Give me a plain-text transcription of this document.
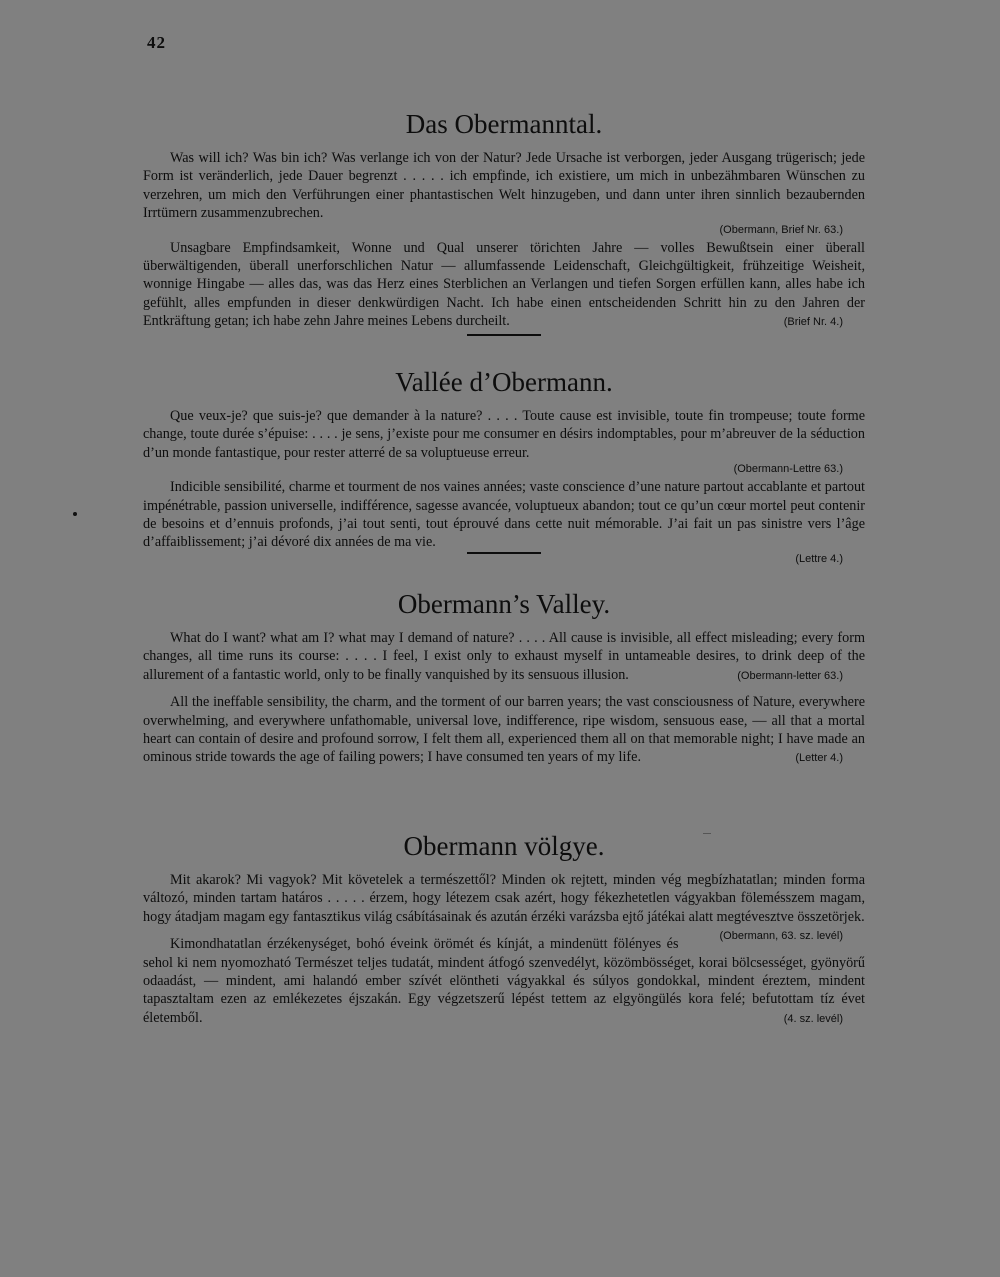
42
Das Obermanntal.

Was will ich? Was bin ich? Was verlange ich von der Natur? Jede Ursache ist verborgen, jeder Ausgang trügerisch; jede Form ist veränderlich, jede Dauer begrenzt . . . . . ich empfinde, ich existiere, um mich in unbezähmbaren Wünschen zu verzehren, um mich den Verführungen einer phantastischen Welt hinzugeben, und dann unter ihren sinnlich bezaubernden Irrtümern zusammenzubrechen.

(Obermann, Brief Nr. 63.)

Unsagbare Empfindsamkeit, Wonne und Qual unserer törichten Jahre — volles Bewußtsein einer überall überwältigenden, überall unerforschlichen Natur — allumfassende Leidenschaft, Gleichgültigkeit, frühzeitige Weisheit, wonnige Hingabe — alles das, was das Herz eines Sterblichen an Verlangen und tiefen Sorgen erfüllen kann, alles habe ich gefühlt, alles empfunden in dieser denkwürdigen Nacht. Ich habe einen entscheidenden Schritt hin zu den Jahren der Entkräftung getan; ich habe zehn Jahre meines Lebens durcheilt.	(Brief Nr. 4.)

Vallée d’Obermann.

Que veux-je? que suis-je? que demander à la nature? . . . . Toute cause est invisible, toute fin trompeuse; toute forme change, toute durée s’épuise: . . . . je sens, j’existe pour me consumer en désirs indomptables, pour m’abreuver de la séduction d’un monde fantastique, pour rester atterré de sa voluptueuse erreur.

(Obermann-Lettre 63.)

Indicible sensibilité, charme et tourment de nos vaines années; vaste conscience d’une nature partout accablante et partout impénétrable, passion universelle, indifférence, sagesse avancée, voluptueux abandon; tout ce qu’un cœur mortel peut contenir de besoins et d’ennuis profonds, j’ai tout senti, tout éprouvé dans cette nuit mémorable. J’ai fait un pas sinistre vers l’âge d’affaiblissement; j’ai dévoré dix années de ma vie.

(Lettre 4.)
Obermann’s Valley.

What do I want? what am I? what may I demand of nature? . . . . All cause is invisible, all effect misleading; every form changes, all time runs its course: . . . . I feel, I exist only to exhaust myself in untameable desires, to drink deep of the allurement of a fantastic world, only to be finally vanquished by its sensuous illusion.	(Obermann-letter 63.)

All the ineffable sensibility, the charm, and the torment of our barren years; the vast consciousness of Nature, everywhere overwhelming, and everywhere unfathomable, universal love, indifference, ripe wisdom, sensuous ease, — all that a mortal heart can contain of desire and profound sorrow, I felt them all, experienced them all on that memorable night; I have made an ominous stride towards the age of failing powers; I have consumed ten years of my life.	(Letter 4.)

Obermann völgye.

Mit akarok? Mi vagyok? Mit követelek a természettől? Minden ok rejtett, minden vég megbízhatatlan; minden forma változó, minden tartam határos . . . . . érzem, hogy létezem csak azért, hogy fékezhetetlen vágyakban fölemésszem magam, hogy átadjam magam egy fantasztikus világ csábításainak és azután érzéki varázsba ejtő játékai alatt megtévesztve összetörjek.
(Obermann, 63. sz. levél)

Kimondhatatlan érzékenységet, bohó éveink örömét és kínját, a mindenütt fölényes és sehol ki nem nyomozható Természet teljes tudatát, mindent átfogó szenvedélyt, közömbösséget, korai bölcsességet, gyönyörű odaadást, — mindent, ami halandó ember szívét elöntheti vágyakkal és súlyos gondokkal, mindent éreztem, mindent tapasztaltam ezen az emlékezetes éjszakán. Egy végzetszerű lépést tettem az elgyöngülés kora felé; befutottam tíz évet életemből.	(4. sz. levél)
